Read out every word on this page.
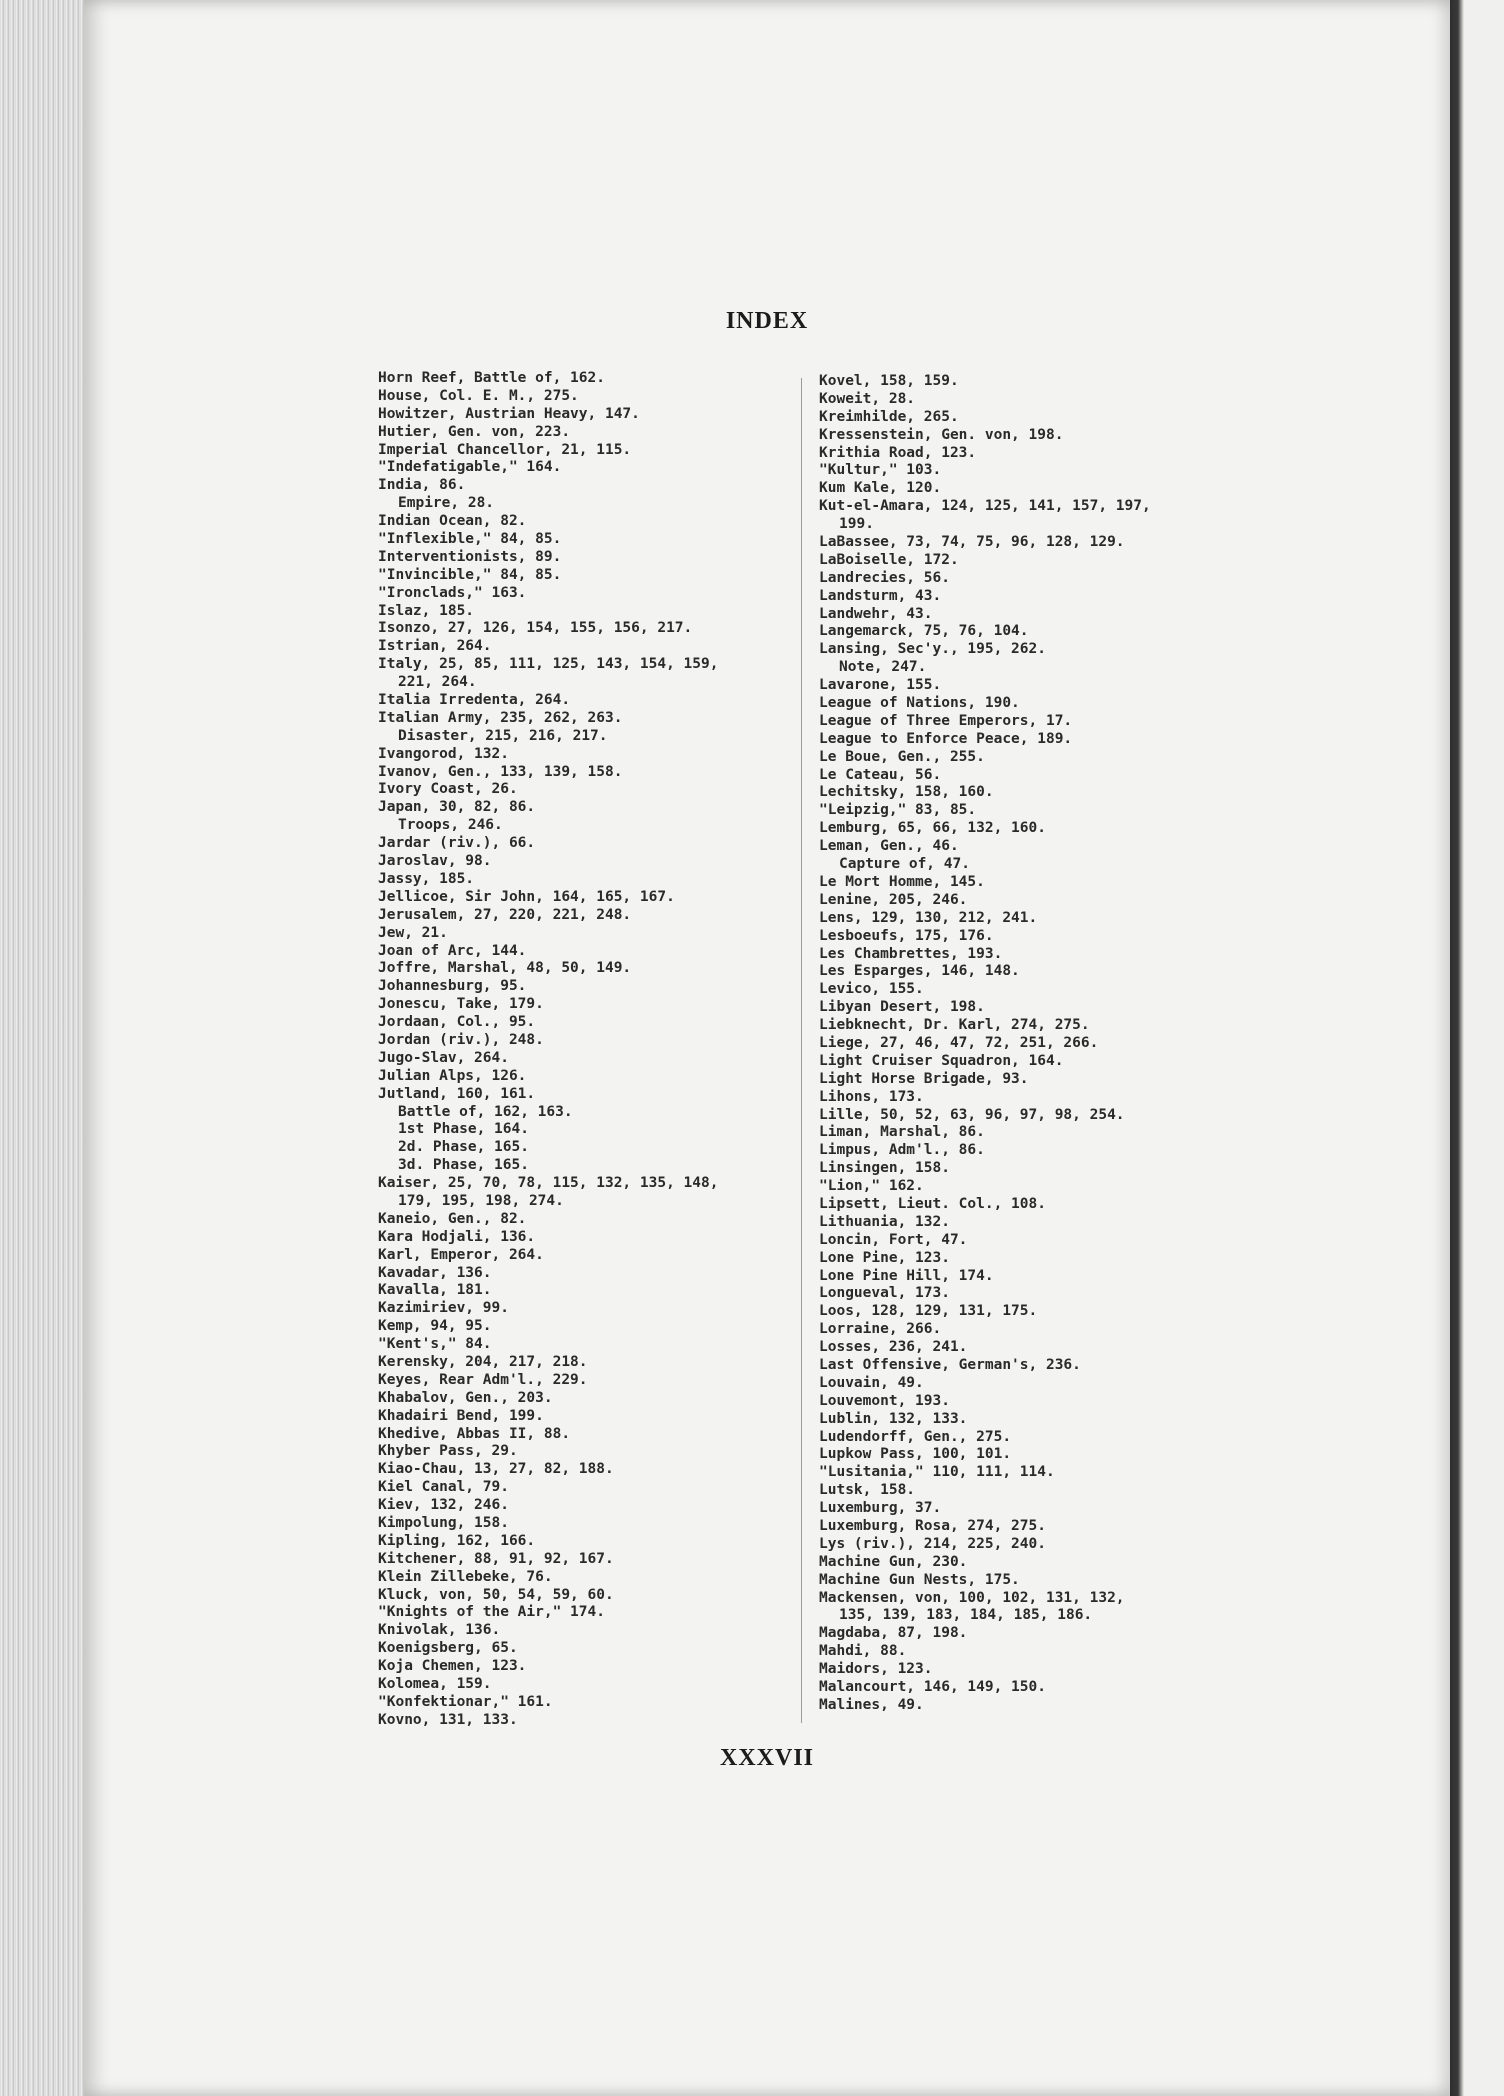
INDEX
Horn Reef, Battle of, 162.
House, Col. E. M., 275.
Howitzer, Austrian Heavy, 147.
Hutier, Gen. von, 223.
Imperial Chancellor, 21, 115.
"Indefatigable," 164.
India, 86.
Empire, 28.
Indian Ocean, 82.
"Inflexible," 84, 85.
Interventionists, 89.
"Invincible," 84, 85.
"Ironclads," 163.
Islaz, 185.
Isonzo, 27, 126, 154, 155, 156, 217.
Istrian, 264.
Italy, 25, 85, 111, 125, 143, 154, 159,
221, 264.
Italia Irredenta, 264.
Italian Army, 235, 262, 263.
Disaster, 215, 216, 217.
Ivangorod, 132.
Ivanov, Gen., 133, 139, 158.
Ivory Coast, 26.
Japan, 30, 82, 86.
Troops, 246.
Jardar (riv.), 66.
Jaroslav, 98.
Jassy, 185.
Jellicoe, Sir John, 164, 165, 167.
Jerusalem, 27, 220, 221, 248.
Jew, 21.
Joan of Arc, 144.
Joffre, Marshal, 48, 50, 149.
Johannesburg, 95.
Jonescu, Take, 179.
Jordaan, Col., 95.
Jordan (riv.), 248.
Jugo-Slav, 264.
Julian Alps, 126.
Jutland, 160, 161.
Battle of, 162, 163.
1st Phase, 164.
2d. Phase, 165.
3d. Phase, 165.
Kaiser, 25, 70, 78, 115, 132, 135, 148,
179, 195, 198, 274.
Kaneio, Gen., 82.
Kara Hodjali, 136.
Karl, Emperor, 264.
Kavadar, 136.
Kavalla, 181.
Kazimiriev, 99.
Kemp, 94, 95.
"Kent's," 84.
Kerensky, 204, 217, 218.
Keyes, Rear Adm'l., 229.
Khabalov, Gen., 203.
Khadairi Bend, 199.
Khedive, Abbas II, 88.
Khyber Pass, 29.
Kiao-Chau, 13, 27, 82, 188.
Kiel Canal, 79.
Kiev, 132, 246.
Kimpolung, 158.
Kipling, 162, 166.
Kitchener, 88, 91, 92, 167.
Klein Zillebeke, 76.
Kluck, von, 50, 54, 59, 60.
"Knights of the Air," 174.
Knivolak, 136.
Koenigsberg, 65.
Koja Chemen, 123.
Kolomea, 159.
"Konfektionar," 161.
Kovno, 131, 133.
Kovel, 158, 159.
Koweit, 28.
Kreimhilde, 265.
Kressenstein, Gen. von, 198.
Krithia Road, 123.
"Kultur," 103.
Kum Kale, 120.
Kut-el-Amara, 124, 125, 141, 157, 197,
199.
LaBassee, 73, 74, 75, 96, 128, 129.
LaBoiselle, 172.
Landrecies, 56.
Landsturm, 43.
Landwehr, 43.
Langemarck, 75, 76, 104.
Lansing, Sec'y., 195, 262.
Note, 247.
Lavarone, 155.
League of Nations, 190.
League of Three Emperors, 17.
League to Enforce Peace, 189.
Le Boue, Gen., 255.
Le Cateau, 56.
Lechitsky, 158, 160.
"Leipzig," 83, 85.
Lemburg, 65, 66, 132, 160.
Leman, Gen., 46.
Capture of, 47.
Le Mort Homme, 145.
Lenine, 205, 246.
Lens, 129, 130, 212, 241.
Lesboeufs, 175, 176.
Les Chambrettes, 193.
Les Esparges, 146, 148.
Levico, 155.
Libyan Desert, 198.
Liebknecht, Dr. Karl, 274, 275.
Liege, 27, 46, 47, 72, 251, 266.
Light Cruiser Squadron, 164.
Light Horse Brigade, 93.
Lihons, 173.
Lille, 50, 52, 63, 96, 97, 98, 254.
Liman, Marshal, 86.
Limpus, Adm'l., 86.
Linsingen, 158.
"Lion," 162.
Lipsett, Lieut. Col., 108.
Lithuania, 132.
Loncin, Fort, 47.
Lone Pine, 123.
Lone Pine Hill, 174.
Longueval, 173.
Loos, 128, 129, 131, 175.
Lorraine, 266.
Losses, 236, 241.
Last Offensive, German's, 236.
Louvain, 49.
Louvemont, 193.
Lublin, 132, 133.
Ludendorff, Gen., 275.
Lupkow Pass, 100, 101.
"Lusitania," 110, 111, 114.
Lutsk, 158.
Luxemburg, 37.
Luxemburg, Rosa, 274, 275.
Lys (riv.), 214, 225, 240.
Machine Gun, 230.
Machine Gun Nests, 175.
Mackensen, von, 100, 102, 131, 132,
135, 139, 183, 184, 185, 186.
Magdaba, 87, 198.
Mahdi, 88.
Maidors, 123.
Malancourt, 146, 149, 150.
Malines, 49.
XXXVII
